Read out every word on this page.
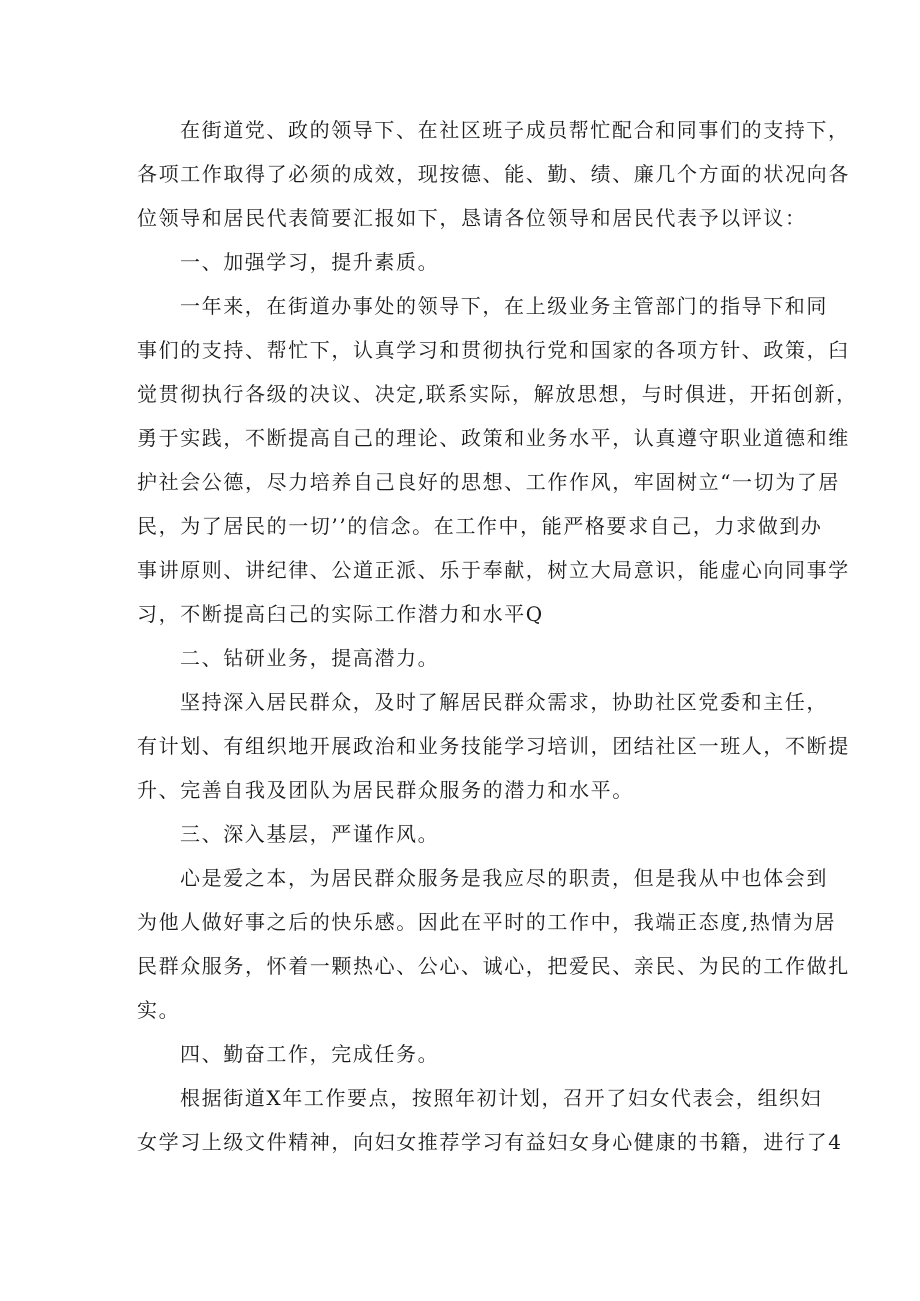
在街道党、政的领导下、在社区班子成员帮忙配合和同事们的支持下，
各项工作取得了必须的成效，现按德、能、勤、绩、廉几个方面的状况向各
位领导和居民代表简要汇报如下，恳请各位领导和居民代表予以评议：
一、加强学习，提升素质。
一年来，在街道办事处的领导下，在上级业务主管部门的指导下和同
事们的支持、帮忙下，认真学习和贯彻执行党和国家的各项方针、政策，臼
觉贯彻执行各级的决议、决定,联系实际，解放思想，与时俱进，开拓创新，
勇于实践，不断提高自己的理论、政策和业务水平，认真遵守职业道德和维
护社会公德，尽力培养自己良好的思想、工作作风，牢固树立“一切为了居
民，为了居民的一切’’的信念。在工作中，能严格要求自己，力求做到办
事讲原则、讲纪律、公道正派、乐于奉献，树立大局意识，能虚心向同事学
习，不断提高臼己的实际工作潜力和水平Q
二、钻研业务，提高潜力。
坚持深入居民群众，及时了解居民群众需求，协助社区党委和主任，
有计划、有组织地开展政治和业务技能学习培训，团结社区一班人，不断提
升、完善自我及团队为居民群众服务的潜力和水平。
三、深入基层，严谨作风。
心是爱之本，为居民群众服务是我应尽的职责，但是我从中也体会到
为他人做好事之后的快乐感。因此在平时的工作中，我端正态度,热情为居
民群众服务，怀着一颗热心、公心、诚心，把爱民、亲民、为民的工作做扎
实。
四、勤奋工作，完成任务。
根据街道X年工作要点，按照年初计划，召开了妇女代表会，组织妇
女学习上级文件精神，向妇女推荐学习有益妇女身心健康的书籍，进行了4
